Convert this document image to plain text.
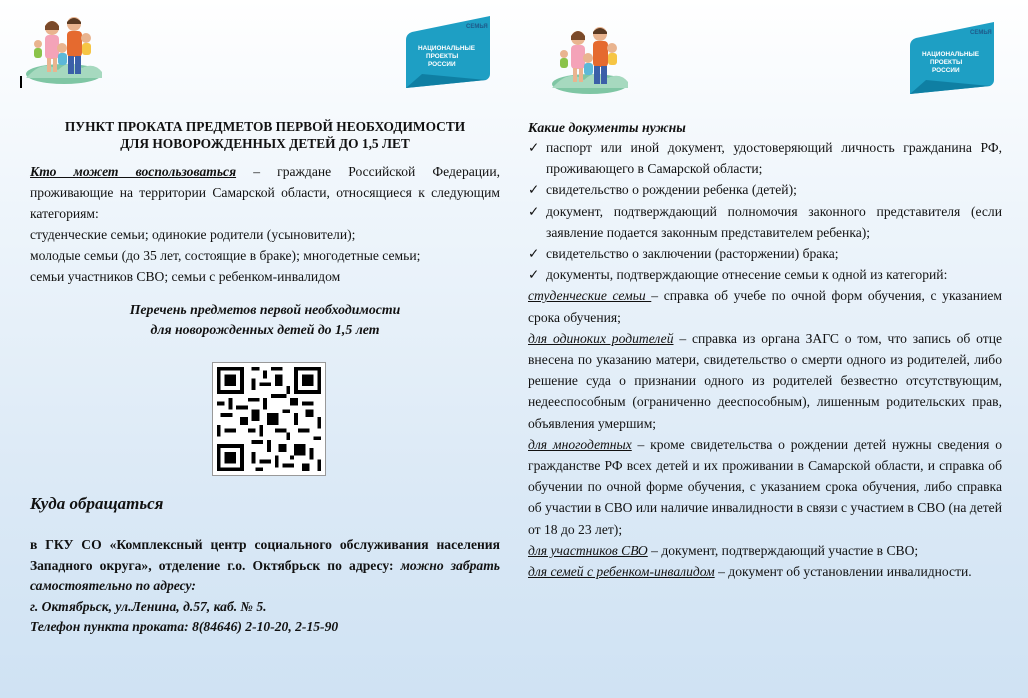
СЕМЬЯ
НАЦИОНАЛЬНЫЕ
ПРОЕКТЫ
РОССИИ
ПУНКТ ПРОКАТА ПРЕДМЕТОВ ПЕРВОЙ НЕОБХОДИМОСТИ
ДЛЯ НОВОРОЖДЕННЫХ ДЕТЕЙ ДО 1,5 ЛЕТ

Кто может воспользоваться – граждане Российской Федерации, проживающие на территории Самарской области, относящиеся к следующим категориям:

студенческие семьи; одинокие родители (усыновители);

молодые семьи (до 35 лет, состоящие в браке); многодетные семьи;

семьи участников СВО; семьи с ребенком-инвалидом

Перечень предметов первой необходимости
для новорожденных детей до 1,5 лет
Куда обращаться

в ГКУ СО «Комплексный центр социального обслуживания населения Западного округа», отделение г.о. Октябрьск по адресу: можно забрать самостоятельно по адресу:

г. Октябрьск, ул.Ленина, д.57, каб. № 5.

Телефон пункта проката: 8(84646) 2-10-20, 2-15-90

СЕМЬЯ
НАЦИОНАЛЬНЫЕ
ПРОЕКТЫ
РОССИИ
Какие документы нужны
✓ паспорт или иной документ, удостоверяющий личность гражданина РФ, проживающего в Самарской области;
✓ свидетельство о рождении ребенка (детей);
✓ документ, подтверждающий полномочия законного представителя (если заявление подается законным представителем ребенка);
✓ свидетельство о заключении (расторжении) брака;
✓ документы, подтверждающие отнесение семьи к одной из категорий:

студенческие семьи – справка об учебе по очной форм обучения, с указанием срока обучения;

для одиноких родителей – справка из органа ЗАГС о том, что запись об отце внесена по указанию матери, свидетельство о смерти одного из родителей, либо решение суда о признании одного из родителей безвестно отсутствующим, недееспособным (ограниченно дееспособным), лишенным родительских прав, объявления умершим;

для многодетных – кроме свидетельства о рождении детей нужны сведения о гражданстве РФ всех детей и их проживании в Самарской области, и справка об обучении по очной форме обучения, с указанием срока обучения, либо справка об участии в СВО или наличие инвалидности в связи с участием в СВО (на детей от 18 до 23 лет);

для участников СВО – документ, подтверждающий участие в СВО;

для семей с ребенком-инвалидом – документ об установлении инвалидности.
